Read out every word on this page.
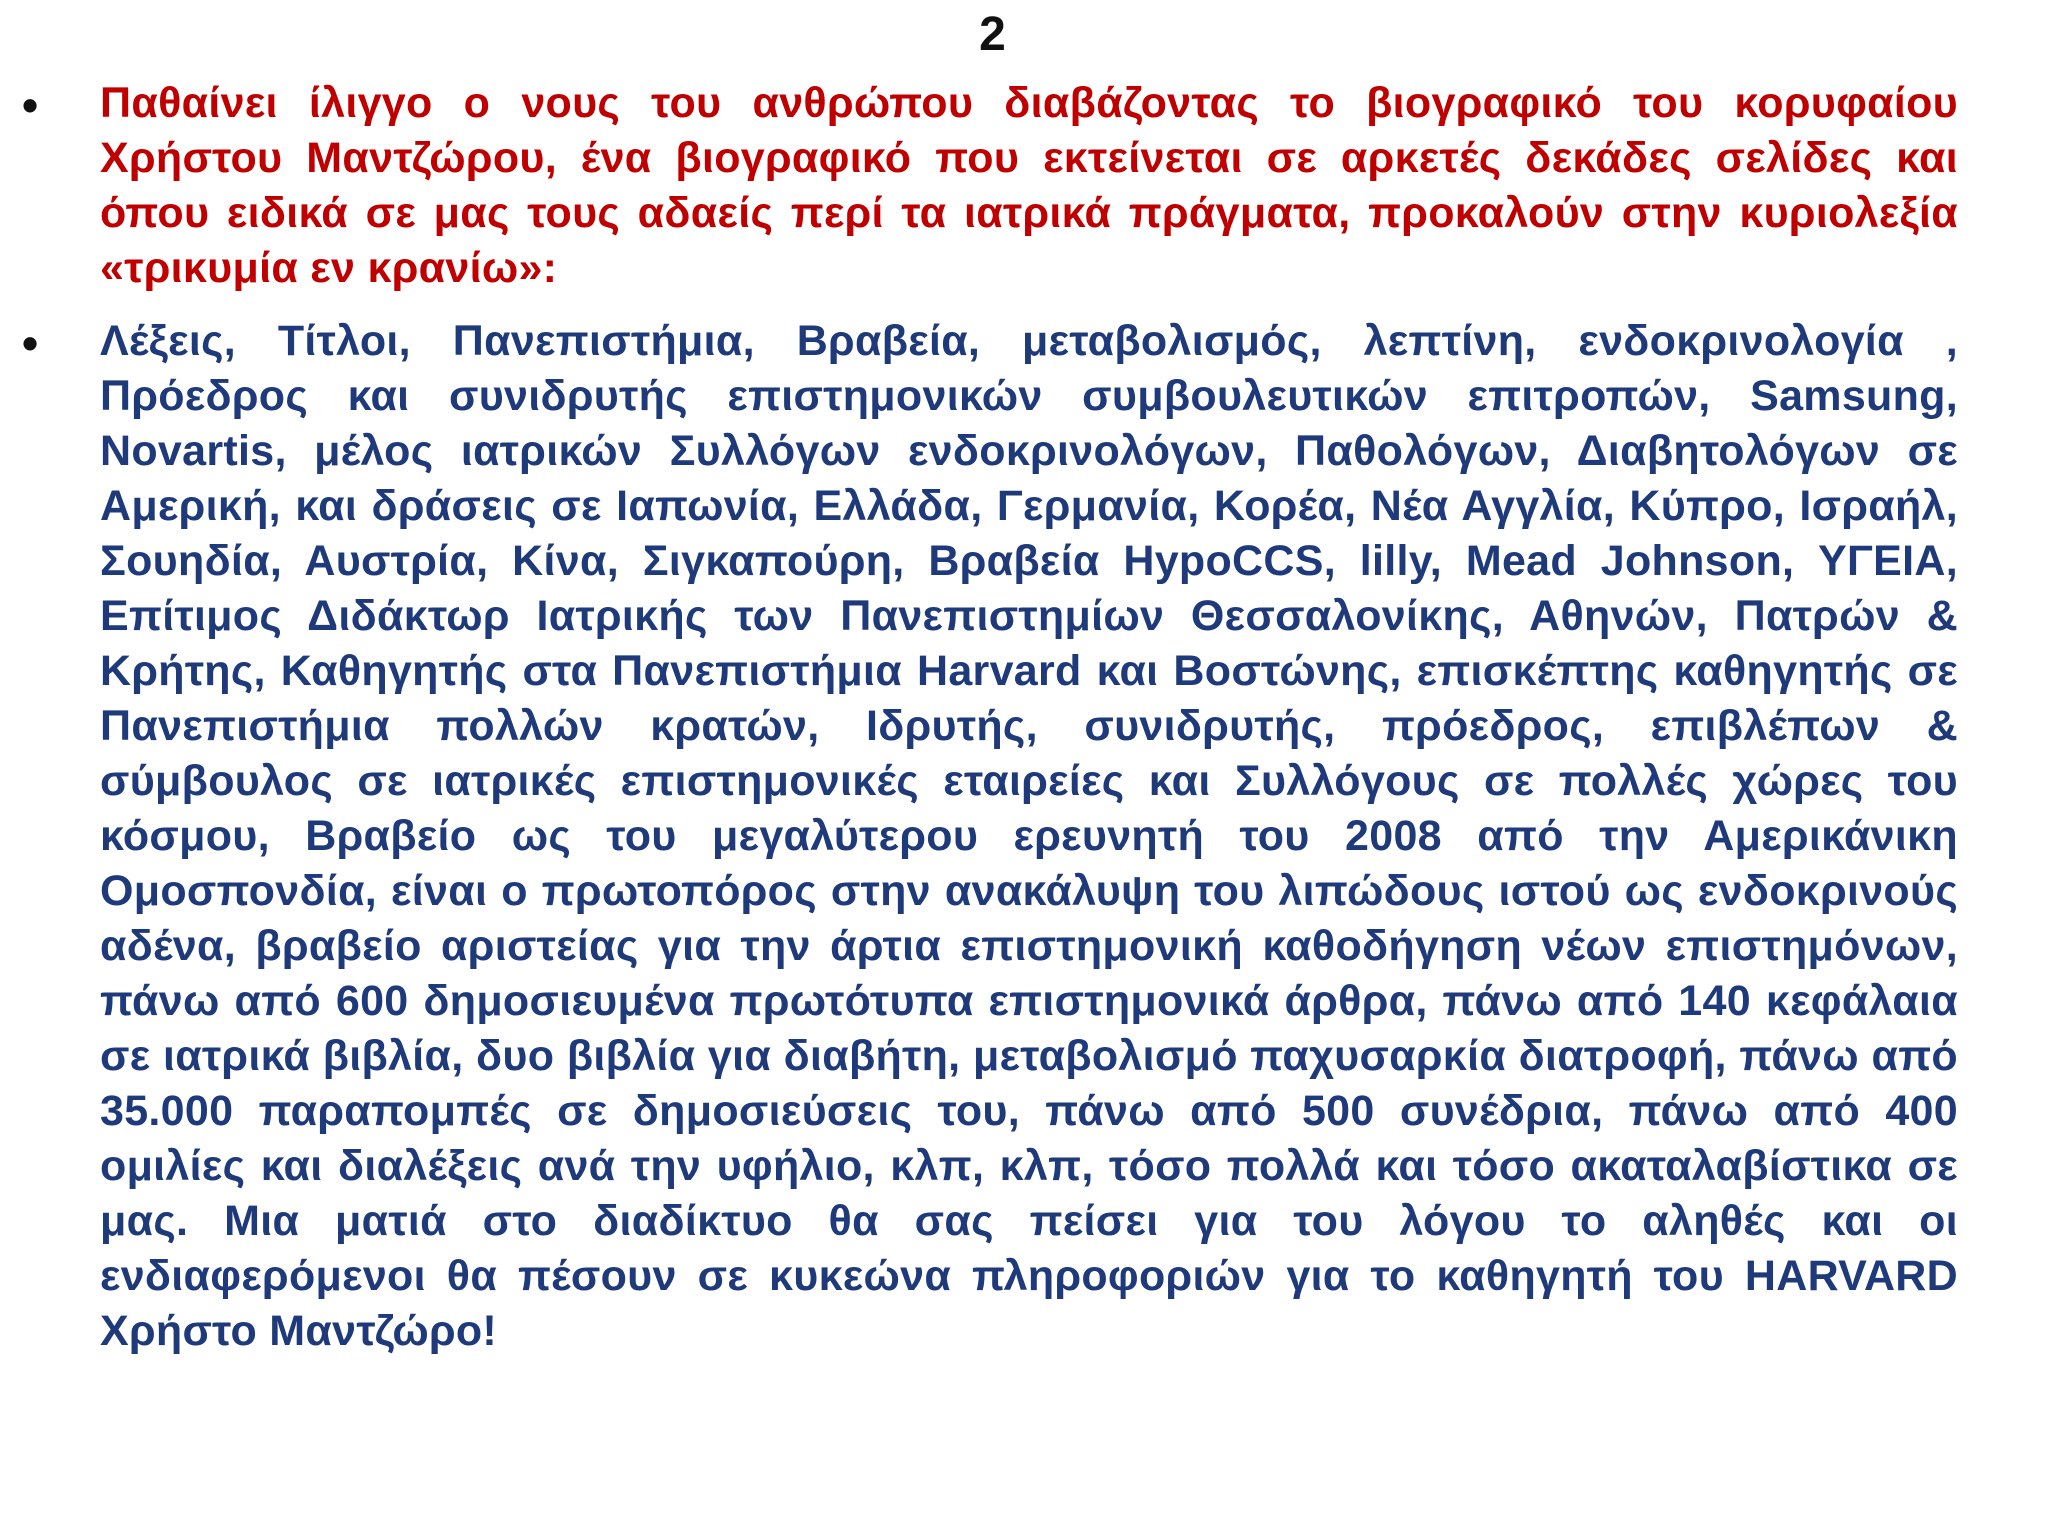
2
• Παθαίνει ίλιγγο ο νους του ανθρώπου διαβάζοντας το βιογραφικό του κορυφαίου Χρήστου Μαντζώρου, ένα βιογραφικό που εκτείνεται σε αρκετές δεκάδες σελίδες και όπου ειδικά σε μας τους αδαείς περί τα ιατρικά πράγματα, προκαλούν στην κυριολεξία «τρικυμία εν κρανίω»:
• Λέξεις, Τίτλοι, Πανεπιστήμια, Βραβεία, μεταβολισμός, λεπτίνη, ενδοκρινολογία , Πρόεδρος και συνιδρυτής επιστημονικών συμβουλευτικών επιτροπών, Samsung, Novartis, μέλος ιατρικών Συλλόγων ενδοκρινολόγων, Παθολόγων, Διαβητολόγων σε Αμερική, και δράσεις σε Ιαπωνία, Ελλάδα, Γερμανία, Κορέα, Νέα Αγγλία, Κύπρο, Ισραήλ, Σουηδία, Αυστρία, Κίνα, Σιγκαπούρη, Βραβεία HypoCCS, lilly, Mead Johnson, ΥΓΕΙΑ, Επίτιμος Διδάκτωρ Ιατρικής των Πανεπιστημίων Θεσσαλονίκης, Αθηνών, Πατρών & Κρήτης, Καθηγητής στα Πανεπιστήμια Harvard και Βοστώνης, επισκέπτης καθηγητής σε Πανεπιστήμια πολλών κρατών, Ιδρυτής, συνιδρυτής, πρόεδρος, επιβλέπων & σύμβουλος σε ιατρικές επιστημονικές εταιρείες και Συλλόγους σε πολλές χώρες του κόσμου, Βραβείο ως του μεγαλύτερου ερευνητή του 2008 από την Αμερικάνικη Ομοσπονδία, είναι ο πρωτοπόρος στην ανακάλυψη του λιπώδους ιστού ως ενδοκρινούς αδένα, βραβείο αριστείας για την άρτια επιστημονική καθοδήγηση νέων επιστημόνων, πάνω από 600 δημοσιευμένα πρωτότυπα επιστημονικά άρθρα, πάνω από 140 κεφάλαια σε ιατρικά βιβλία, δυο βιβλία για διαβήτη, μεταβολισμό παχυσαρκία διατροφή, πάνω από 35.000 παραπομπές σε δημοσιεύσεις του, πάνω από 500 συνέδρια, πάνω από 400 ομιλίες και διαλέξεις ανά την υφήλιο, κλπ, κλπ, τόσο πολλά και τόσο ακαταλαβίστικα σε μας. Μια ματιά στο διαδίκτυο θα σας πείσει για του λόγου το αληθές και οι ενδιαφερόμενοι θα πέσουν σε κυκεώνα πληροφοριών για το καθηγητή του HARVARD Χρήστο Μαντζώρο!
